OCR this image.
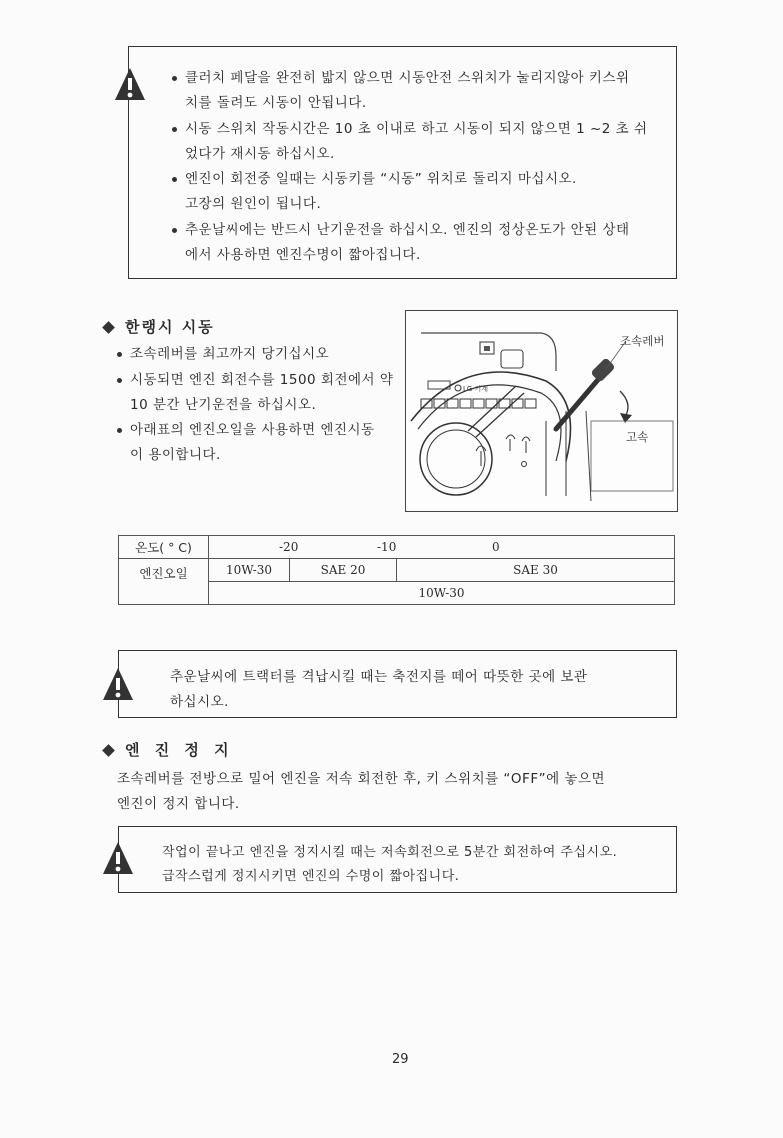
클러치 페달을 완전히 밟지 않으면 시동안전 스위치가 눌리지않아 키스위
치를 돌려도 시동이 안됩니다.
시동 스위치 작동시간은 10 초 이내로 하고 시동이 되지 않으면 1 ~2 초 쉬
었다가 재시동 하십시오.
엔진이 회전중 일때는 시동키를 “시동” 위치로 돌리지 마십시오.
고장의 원인이 됩니다.
추운날씨에는 반드시 난기운전을 하십시오. 엔진의 정상온도가 안된 상태
에서 사용하면 엔진수명이 짧아집니다.
한랭시 시동
조속레버를 최고까지 당기십시오
시동되면 엔진 회전수를 1500 회전에서 약
10 분간 난기운전을 하십시오.
아래표의 엔진오일을 사용하면 엔진시동
이 용이합니다.
LG 기계
조속레버
고속
온도( ° C)	-20 -10 0		

엔진오일	10W-30	SAE 20	SAE 30
	10W-30		
추운날씨에 트랙터를 격납시킬 때는 축전지를 떼어 따뜻한 곳에 보관
하십시오.
엔 진 정 지
조속레버를 전방으로 밀어 엔진을 저속 회전한 후, 키 스위치를 “OFF”에 놓으면
엔진이 정지 합니다.
작업이 끝나고 엔진을 정지시킬 때는 저속회전으로 5분간 회전하여 주십시오.
급작스럽게 정지시키면 엔진의 수명이 짧아집니다.
29
